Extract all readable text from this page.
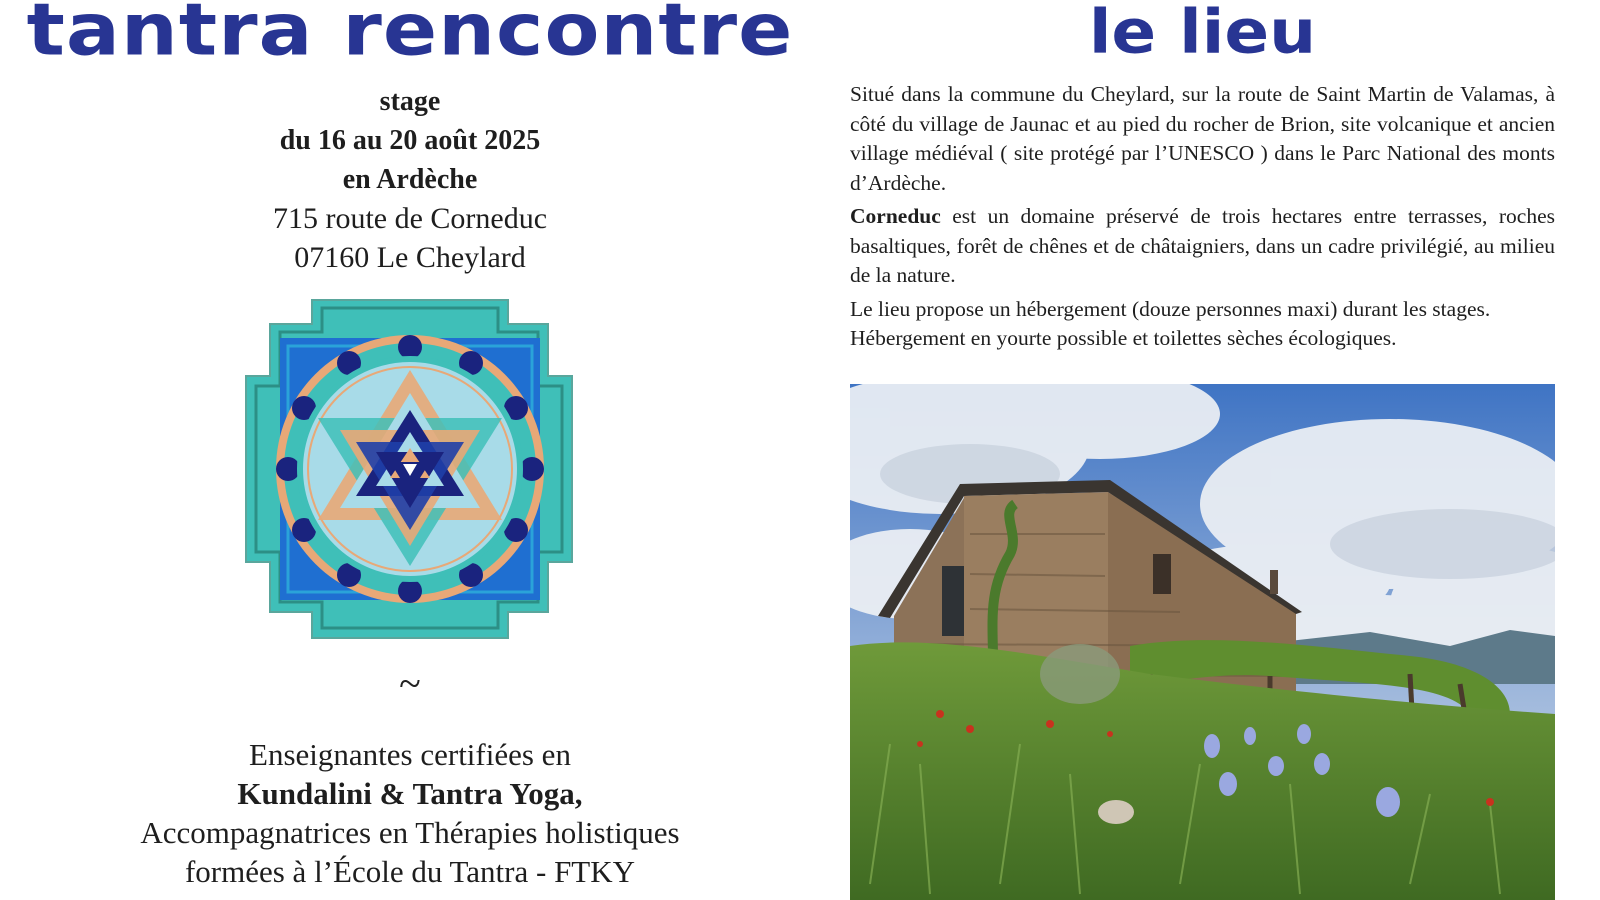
tantra rencontre
stage
du 16 au 20 août 2025
en Ardèche
715 route de Corneduc
07160 Le Cheylard
~
Enseignantes certifiées en
Kundalini & Tantra Yoga,
Accompagnatrices en Thérapies holistiques
formées à l’École du Tantra - FTKY
le lieu

Situé dans la commune du Cheylard, sur la route de Saint Martin de Valamas, à côté du village de Jaunac et au pied du rocher de Brion, site volcanique et ancien village médiéval ( site protégé par l’UNESCO ) dans le Parc National des monts d’Ardèche.

Corneduc est un domaine préservé de trois hectares entre terrasses, roches basaltiques, forêt de chênes et de châtaigniers, dans un cadre privilégié, au milieu de la nature.

Le lieu propose un hébergement (douze personnes maxi) durant les stages.
Hébergement en yourte possible et toilettes sèches écologiques.
